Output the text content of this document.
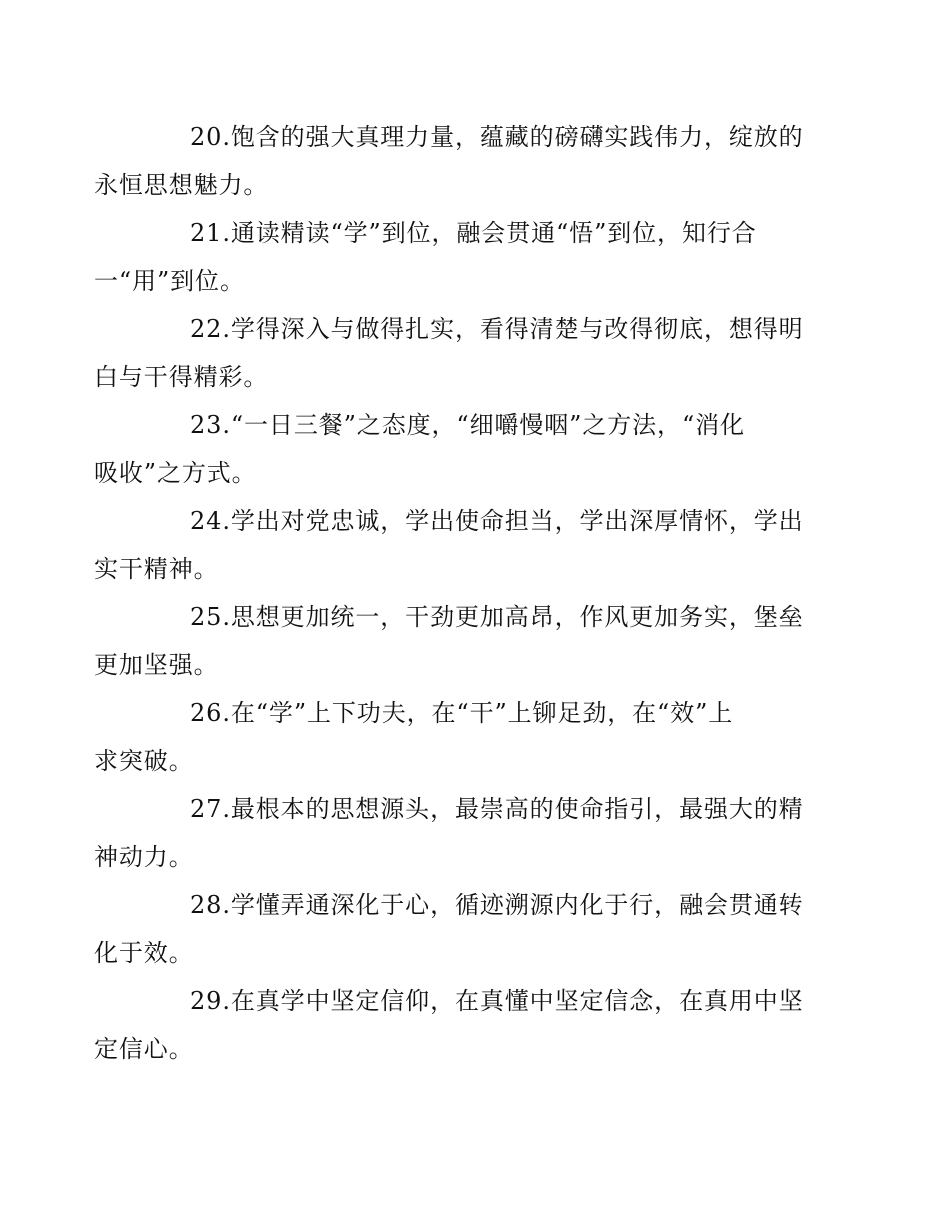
20.饱含的强大真理力量，蕴藏的磅礴实践伟力，绽放的
永恒思想魅力。

21.通读精读“学”到位，融会贯通“悟”到位，知行合
一“用”到位。

22.学得深入与做得扎实，看得清楚与改得彻底，想得明
白与干得精彩。

23.“一日三餐”之态度，“细嚼慢咽”之方法，“消化
吸收”之方式。

24.学出对党忠诚，学出使命担当，学出深厚情怀，学出
实干精神。

25.思想更加统一，干劲更加高昂，作风更加务实，堡垒
更加坚强。

26.在“学”上下功夫，在“干”上铆足劲，在“效”上
求突破。

27.最根本的思想源头，最崇高的使命指引，最强大的精
神动力。

28.学懂弄通深化于心，循迹溯源内化于行，融会贯通转
化于效。

29.在真学中坚定信仰，在真懂中坚定信念，在真用中坚
定信心。
